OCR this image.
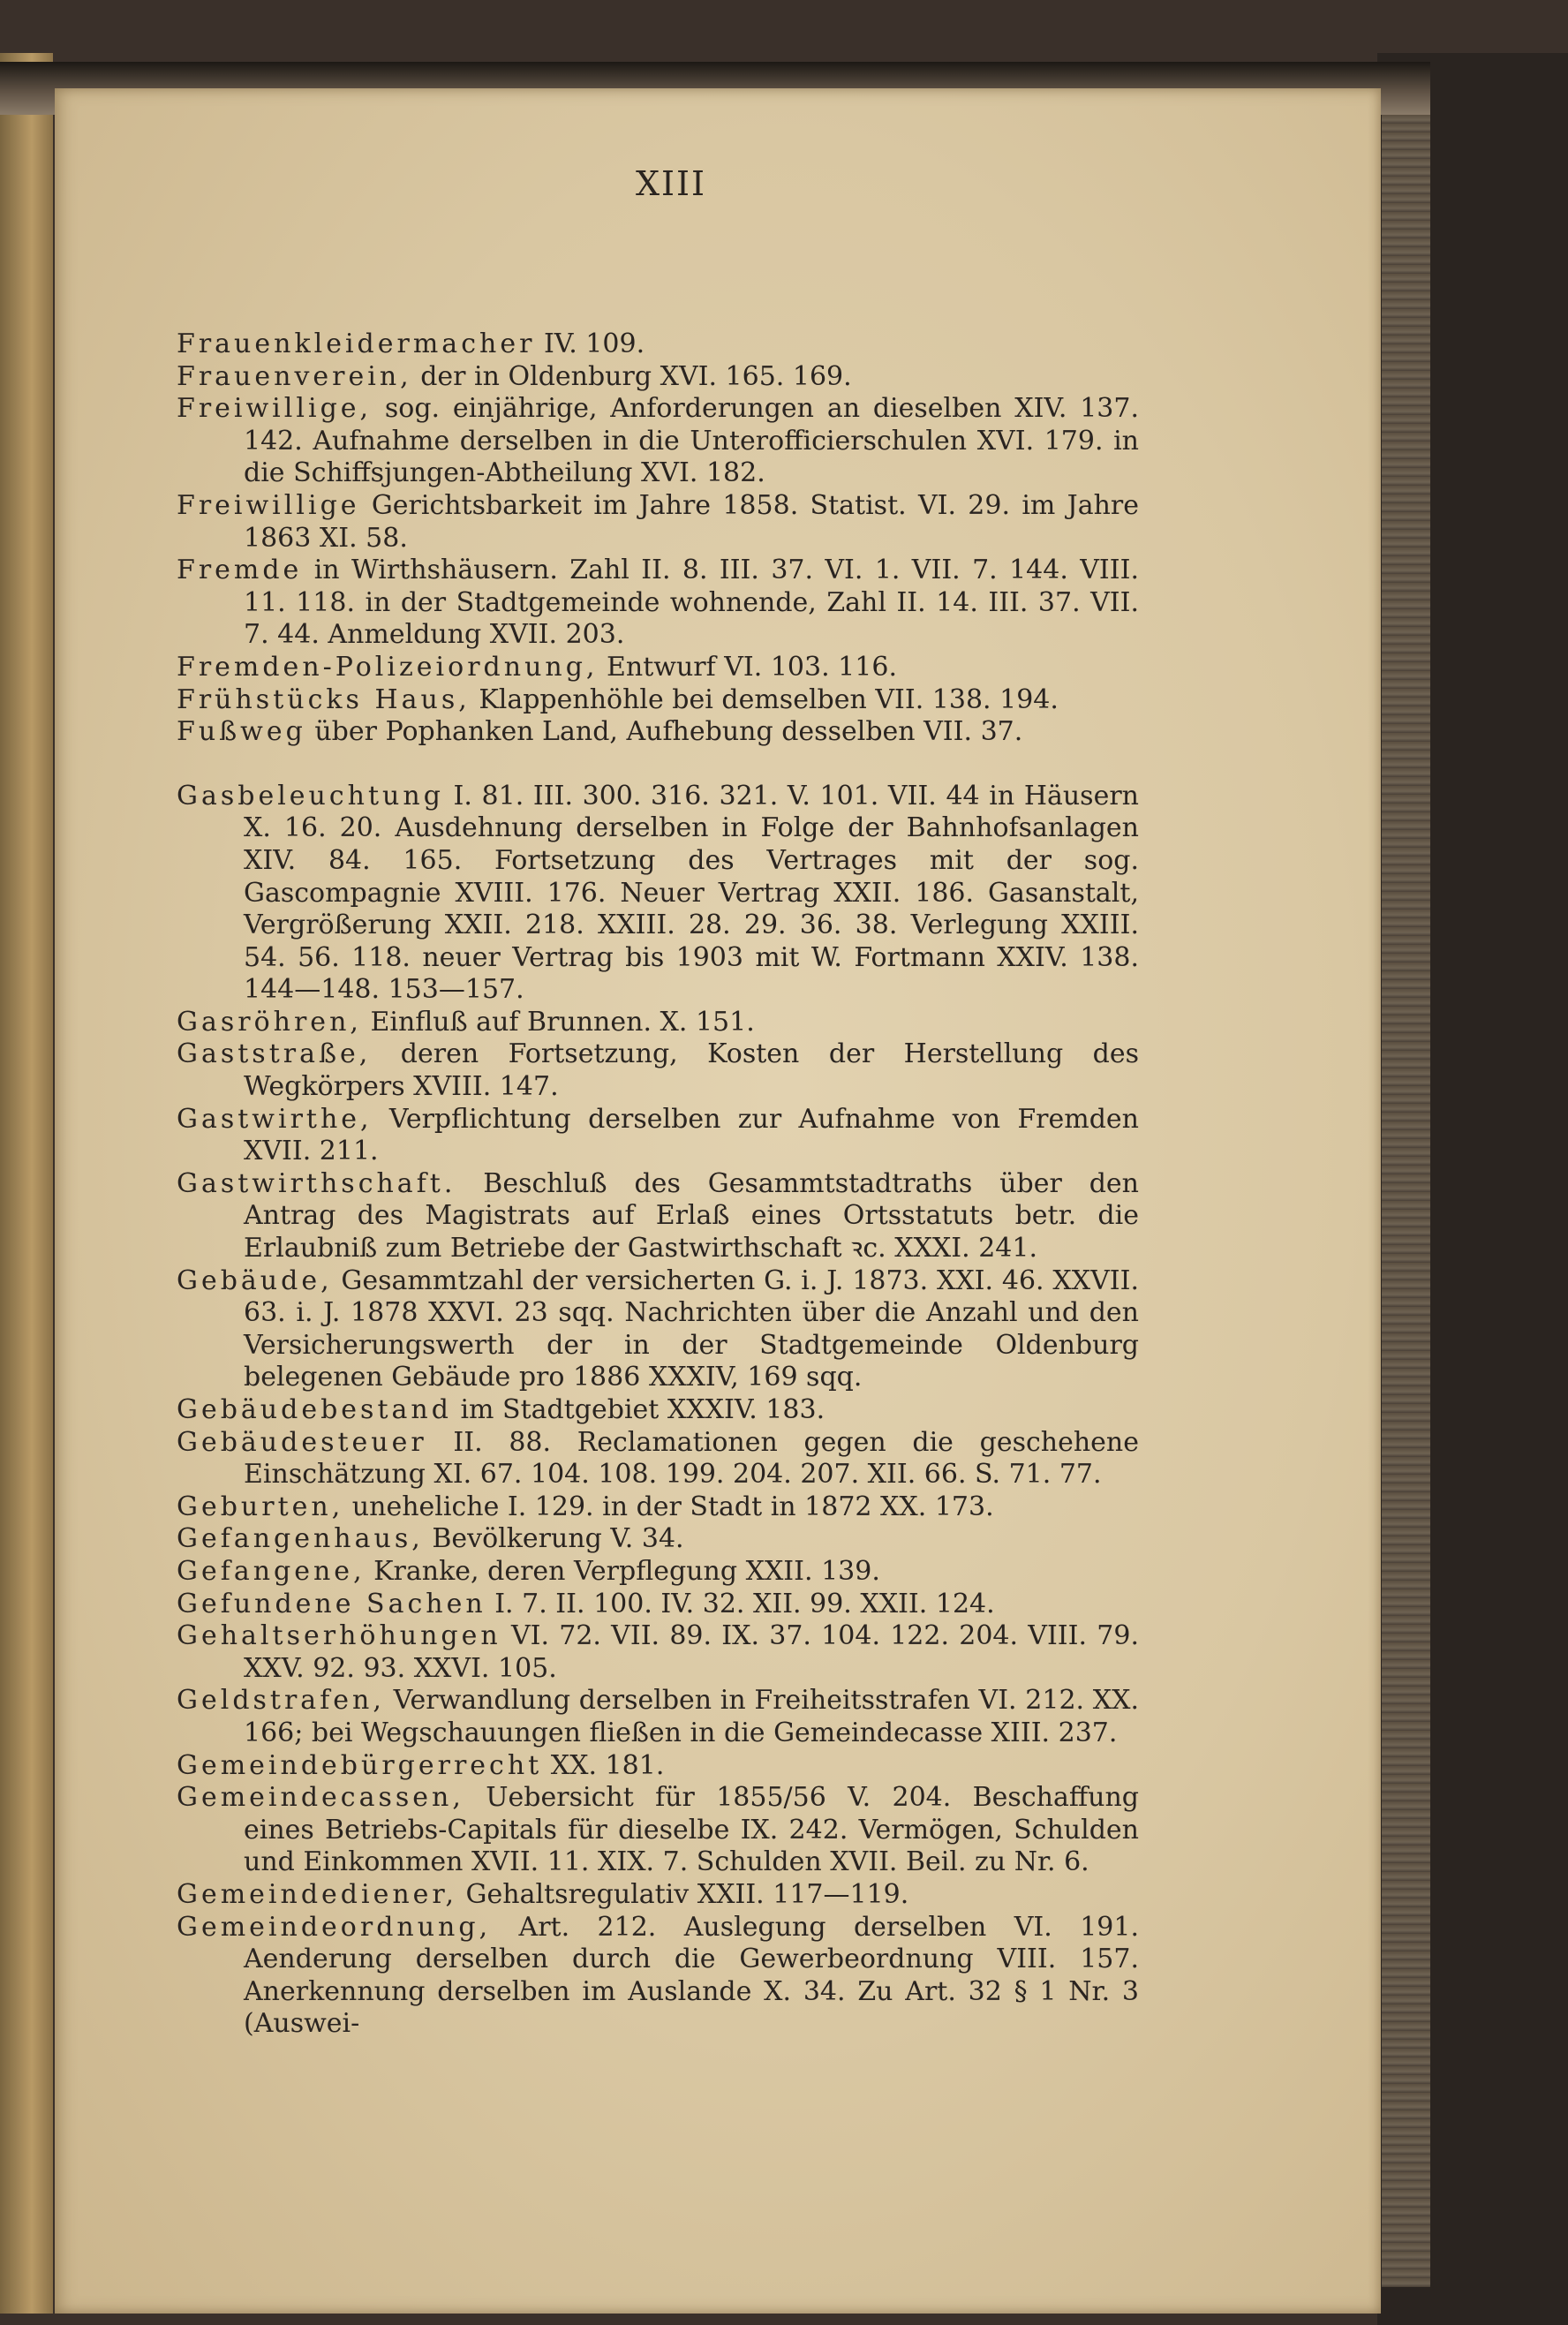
XIII
Frauenkleidermacher IV. 109.
Frauenverein, der in Oldenburg XVI. 165. 169.
Freiwillige, sog. einjährige, Anforderungen an dieselben XIV. 137. 142. Aufnahme derselben in die Unterofficierschulen XVI. 179. in die Schiffsjungen-Abtheilung XVI. 182.
Freiwillige Gerichtsbarkeit im Jahre 1858. Statist. VI. 29. im Jahre 1863 XI. 58.
Fremde in Wirthshäusern. Zahl II. 8. III. 37. VI. 1. VII. 7. 144. VIII. 11. 118. in der Stadtgemeinde wohnende, Zahl II. 14. III. 37. VII. 7. 44. Anmeldung XVII. 203.
Fremden-Polizeiordnung, Entwurf VI. 103. 116.
Frühstücks Haus, Klappenhöhle bei demselben VII. 138. 194.
Fußweg über Pophanken Land, Aufhebung desselben VII. 37.
Gasbeleuchtung I. 81. III. 300. 316. 321. V. 101. VII. 44 in Häusern X. 16. 20. Ausdehnung derselben in Folge der Bahnhofsanlagen XIV. 84. 165. Fortsetzung des Vertrages mit der sog. Gascompagnie XVIII. 176. Neuer Vertrag XXII. 186. Gasanstalt, Vergrößerung XXII. 218. XXIII. 28. 29. 36. 38. Verlegung XXIII. 54. 56. 118. neuer Vertrag bis 1903 mit W. Fortmann XXIV. 138. 144—148. 153—157.
Gasröhren, Einfluß auf Brunnen. X. 151.
Gaststraße, deren Fortsetzung, Kosten der Herstellung des Wegkörpers XVIII. 147.
Gastwirthe, Verpflichtung derselben zur Aufnahme von Fremden XVII. 211.
Gastwirthschaft. Beschluß des Gesammtstadtraths über den Antrag des Magistrats auf Erlaß eines Ortsstatuts betr. die Erlaubniß zum Betriebe der Gastwirthschaft ꝛc. XXXI. 241.
Gebäude, Gesammtzahl der versicherten G. i. J. 1873. XXI. 46. XXVII. 63. i. J. 1878 XXVI. 23 sqq. Nachrichten über die Anzahl und den Versicherungswerth der in der Stadtgemeinde Oldenburg belegenen Gebäude pro 1886 XXXIV, 169 sqq.
Gebäudebestand im Stadtgebiet XXXIV. 183.
Gebäudesteuer II. 88. Reclamationen gegen die geschehene Einschätzung XI. 67. 104. 108. 199. 204. 207. XII. 66. S. 71. 77.
Geburten, uneheliche I. 129. in der Stadt in 1872 XX. 173.
Gefangenhaus, Bevölkerung V. 34.
Gefangene, Kranke, deren Verpflegung XXII. 139.
Gefundene Sachen I. 7. II. 100. IV. 32. XII. 99. XXII. 124.
Gehaltserhöhungen VI. 72. VII. 89. IX. 37. 104. 122. 204. VIII. 79. XXV. 92. 93. XXVI. 105.
Geldstrafen, Verwandlung derselben in Freiheitsstrafen VI. 212. XX. 166; bei Wegschauungen fließen in die Gemeindecasse XIII. 237.
Gemeindebürgerrecht XX. 181.
Gemeindecassen, Uebersicht für 1855/56 V. 204. Beschaffung eines Betriebs-Capitals für dieselbe IX. 242. Vermögen, Schulden und Einkommen XVII. 11. XIX. 7. Schulden XVII. Beil. zu Nr. 6.
Gemeindediener, Gehaltsregulativ XXII. 117—119.
Gemeindeordnung, Art. 212. Auslegung derselben VI. 191. Aenderung derselben durch die Gewerbeordnung VIII. 157. Anerkennung derselben im Auslande X. 34. Zu Art. 32 § 1 Nr. 3 (Auswei-
